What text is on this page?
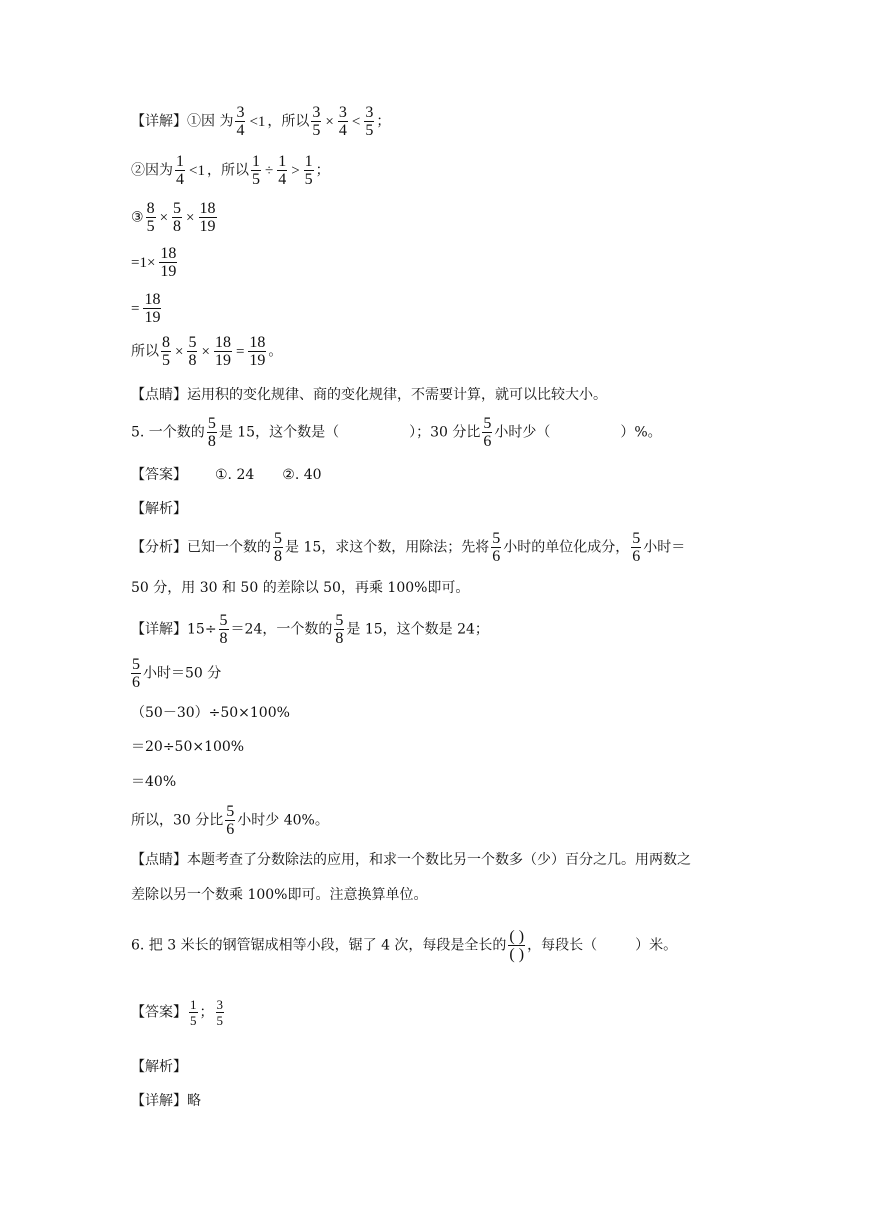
【详解】①因 为 $\frac{3}{4} <1$ ，所以 $\frac{3}{5} \times \frac{3}{4} < \frac{3}{5}$ ；
②因为 $\frac{1}{4} <1$ ，所以 $\frac{1}{5} \div \frac{1}{4} > \frac{1}{5}$ ；
③ $\frac{8}{5} \times \frac{5}{8} \times \frac{18}{19}$
$=1\times \frac{18}{19}$
= $\frac{18}{19}$
所以 $\frac{8}{5} \times \frac{5}{8} \times \frac{18}{19} = \frac{18}{19}$ 。
【点睛】运用积的变化规律、商的变化规律，不需要计算，就可以比较大小。
5. 一个数的 $\frac{5}{8}$ 是 15，这个数是（	）；30 分比 $\frac{5}{6}$ 小时少（	）%。
【答案】 ①. 24 ②. 40
【解析】
【分析】已知一个数的 $\frac{5}{8}$ 是 15，求这个数，用除法；先将 $\frac{5}{6}$ 小时的单位化成分， $\frac{5}{6}$ 小时＝
50 分，用 30 和 50 的差除以 50，再乘 100%即可。
【详解】$15\div \frac{5}{8} =24$，一个数的 $\frac{5}{8}$ 是 15，这个数是 24；
$\frac{5}{6}$ 小时＝50 分
（50－30）÷50×100%
＝20÷50×100%
＝40%
所以，30 分比 $\frac{5}{6}$ 小时少 40%。
【点睛】本题考查了分数除法的应用，和求一个数比另一个数多（少）百分之几。用两数之
差除以另一个数乘 100%即可。注意换算单位。
6. 把 3 米长的钢管锯成相等小段，锯了 4 次，每段是全长的 $\frac{( )}{( )}$ ，每段长（	）米。
【答案】 $\frac{1}{5}$ ； $\frac{3}{5}$
【解析】
【详解】略
